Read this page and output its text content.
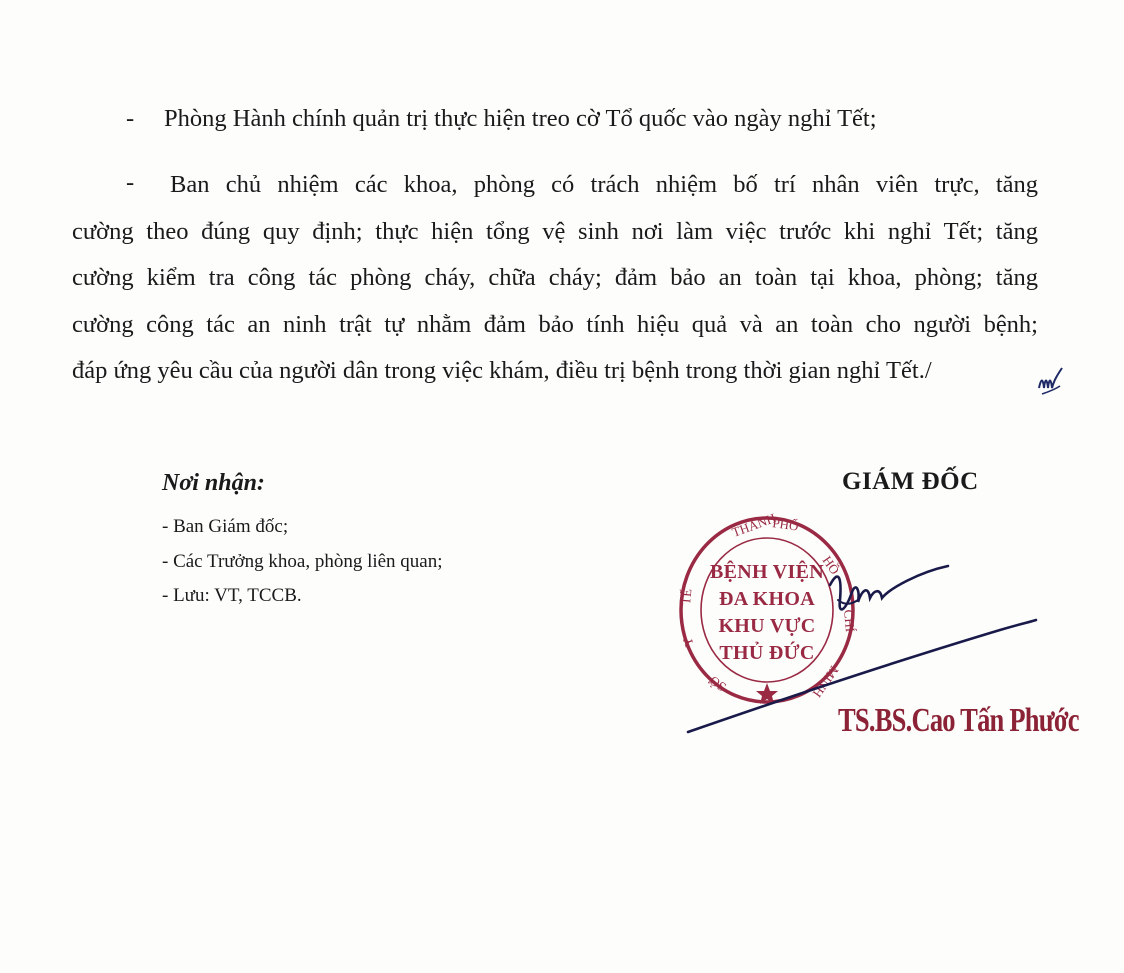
- Phòng Hành chính quản trị thực hiện treo cờ Tổ quốc vào ngày nghỉ Tết;
-	Ban chủ nhiệm các khoa, phòng có trách nhiệm bố trí nhân viên trực, tăng
cường theo đúng quy định; thực hiện tổng vệ sinh nơi làm việc trước khi nghỉ Tết; tăng
cường kiểm tra công tác phòng cháy, chữa cháy; đảm bảo an toàn tại khoa, phòng; tăng
cường công tác an ninh trật tự nhằm đảm bảo tính hiệu quả và an toàn cho người bệnh;
đáp ứng yêu cầu của người dân trong việc khám, điều trị bệnh trong thời gian nghỉ Tết./
Nơi nhận:
- Ban Giám đốc;
- Các Trưởng khoa, phòng liên quan;
- Lưu: VT, TCCB.
GIÁM ĐỐC
THÀNH
PHỐ
HỒ
CHÍ
MINH
SỞ
Y
TẾ
BỆNH VIỆN
ĐA KHOA
KHU VỰC
THỦ ĐỨC
TS.BS.Cao Tấn Phước
